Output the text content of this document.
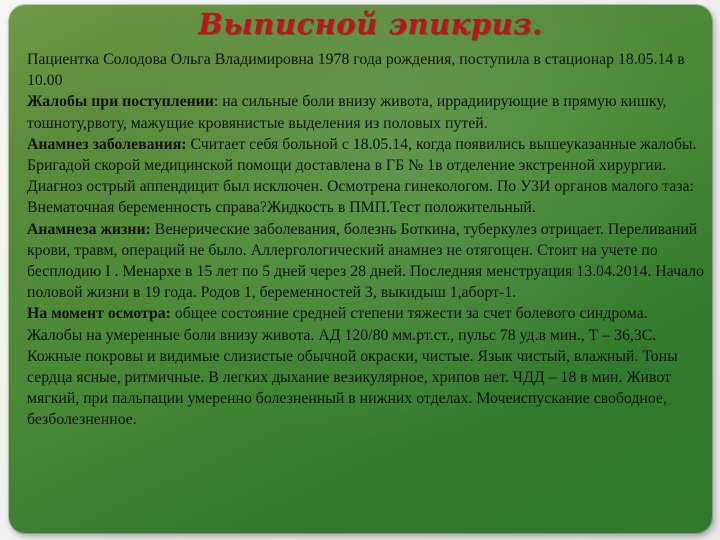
Выписной эпикриз.

Пациентка Солодова Ольга Владимировна 1978 года рождения, поступила в стационар 18.05.14 в 10.00

Жалобы при поступлении: на сильные боли внизу живота, иррадиирующие в прямую кишку, тошноту,рвоту, мажущие кровянистые выделения из половых путей.

Анамнез заболевания: Считает себя больной с 18.05.14, когда появились вышеуказанные жалобы. Бригадой скорой медицинской помощи доставлена в ГБ № 1в отделение экстренной хирургии. Диагноз острый аппендицит был исключен. Осмотрена гинекологом. По УЗИ органов малого таза: Внематочная беременность справа?Жидкость в ПМП.Тест положительный.

Анамнеза жизни: Венерические заболевания, болезнь Боткина, туберкулез отрицает. Переливаний крови, травм, операций не было. Аллергологический анамнез не отягощен. Стоит на учете по бесплодию I . Менархе в 15 лет по 5 дней через 28 дней. Последняя менструация 13.04.2014. Начало половой жизни в 19 года. Родов 1, беременностей 3, выкидыш 1,аборт-1.

На момент осмотра: общее состояние средней степени тяжести за счет болевого синдрома. Жалобы на умеренные боли внизу живота. АД 120/80 мм.рт.ст., пульс 78 уд.в мин., Т – 36,3С. Кожные покровы и видимые слизистые обычной окраски, чистые. Язык чистый, влажный. Тоны сердца ясные, ритмичные. В легких дыхание везикулярное, хрипов нет. ЧДД – 18 в мин. Живот мягкий, при пальпации умеренно болезненный в нижних отделах. Мочеиспускание свободное, безболезненное.
